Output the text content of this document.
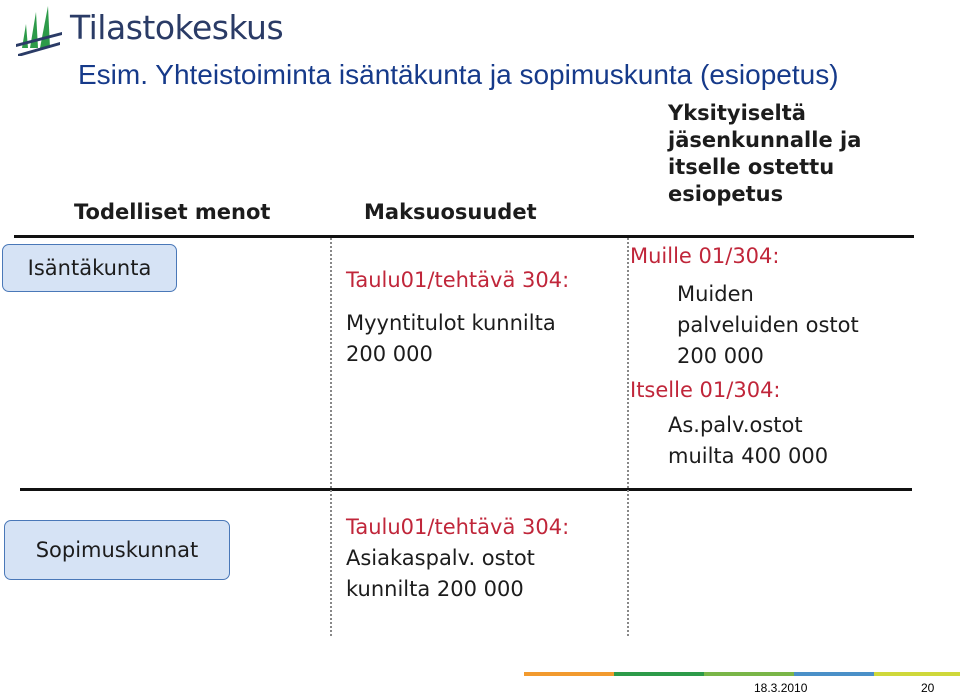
Tilastokeskus
Esim. Yhteistoiminta isäntäkunta ja sopimuskunta (esiopetus)
Todelliset menot	Maksuosuudet
Yksityiseltä
jäsenkunnalle ja
itselle ostettu
esiopetus
Isäntäkunta
Sopimuskunnat
Taulu01/tehtävä 304:
Myyntitulot kunnilta
200 000
Muille 01/304:
Muiden
palveluiden ostot
200 000
Itselle 01/304:
As.palv.ostot
muilta 400 000
Taulu01/tehtävä 304:
Asiakaspalv. ostot
kunnilta 200 000
18.3.2010	20
